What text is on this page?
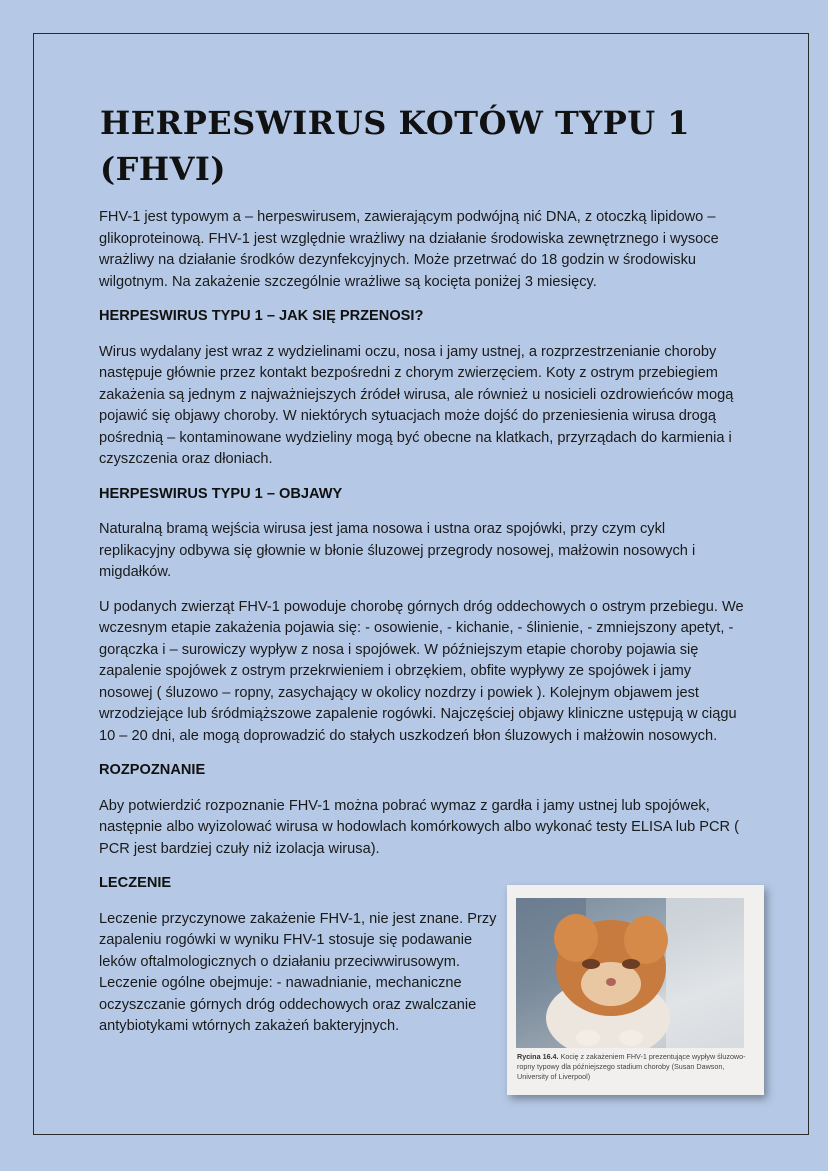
HERPESWIRUS KOTÓW TYPU 1
(FHVI)

FHV-1 jest typowym a – herpeswirusem, zawierającym podwójną nić DNA, z otoczką lipidowo – glikoproteinową. FHV-1 jest względnie wrażliwy na działanie środowiska zewnętrznego i wysoce wrażliwy na działanie środków dezynfekcyjnych. Może przetrwać do 18 godzin w środowisku wilgotnym. Na zakażenie szczególnie wrażliwe są kocięta poniżej 3 miesięcy.

HERPESWIRUS TYPU 1 – JAK SIĘ PRZENOSI?

Wirus wydalany jest wraz z wydzielinami oczu, nosa i jamy ustnej, a rozprzestrzenianie choroby następuje głównie przez kontakt bezpośredni z chorym zwierzęciem. Koty z ostrym przebiegiem zakażenia są jednym z najważniejszych źródeł wirusa, ale również u nosicieli ozdrowieńców mogą pojawić się objawy choroby. W niektórych sytuacjach może dojść do przeniesienia wirusa drogą pośrednią – kontaminowane wydzieliny mogą być obecne na klatkach, przyrządach do karmienia i czyszczenia oraz dłoniach.

HERPESWIRUS TYPU 1 – OBJAWY

Naturalną bramą wejścia wirusa jest jama nosowa i ustna oraz spojówki, przy czym cykl replikacyjny odbywa się głownie w błonie śluzowej przegrody nosowej, małżowin nosowych i migdałków.

U podanych zwierząt FHV-1 powoduje chorobę górnych dróg oddechowych o ostrym przebiegu. We wczesnym etapie zakażenia pojawia się: - osowienie, - kichanie, - ślinienie, - zmniejszony apetyt, - gorączka i – surowiczy wypływ z nosa i spojówek. W późniejszym etapie choroby pojawia się zapalenie spojówek z ostrym przekrwieniem i obrzękiem, obfite wypływy ze spojówek i jamy nosowej ( śluzowo – ropny, zasychający w okolicy nozdrzy i powiek ). Kolejnym objawem jest wrzodziejące lub śródmiąższowe zapalenie rogówki. Najczęściej objawy kliniczne ustępują w ciągu 10 – 20 dni, ale mogą doprowadzić do stałych uszkodzeń błon śluzowych i małżowin nosowych.

ROZPOZNANIE

Aby potwierdzić rozpoznanie FHV-1 można pobrać wymaz z gardła i jamy ustnej lub spojówek, następnie albo wyizolować wirusa w hodowlach komórkowych albo wykonać testy ELISA lub PCR ( PCR jest bardziej czuły niż izolacja wirusa).

LECZENIE

Leczenie przyczynowe zakażenie FHV-1, nie jest znane. Przy zapaleniu rogówki w wyniku FHV-1 stosuje się podawanie leków oftalmologicznych o działaniu przeciwwirusowym. Leczenie ogólne obejmuje: - nawadnianie, mechaniczne oczyszczanie górnych dróg oddechowych oraz zwalczanie antybiotykami wtórnych zakażeń bakteryjnych.

Rycina 16.4. Kocię z zakażeniem FHV-1 prezentujące wypływ śluzowo-ropny typowy dla późniejszego stadium choroby (Susan Dawson, University of Liverpool)
